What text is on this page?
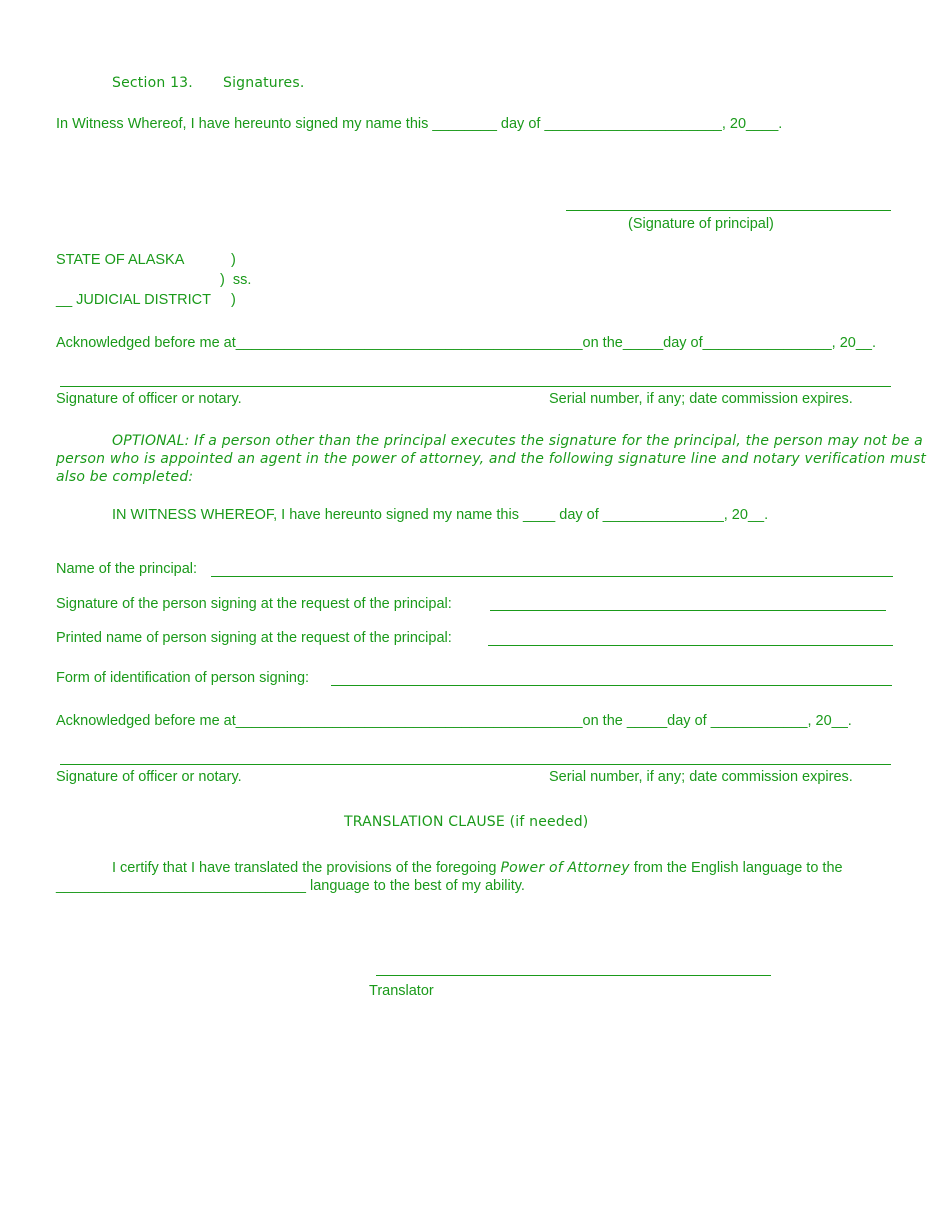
Section 13. Signatures.
In Witness Whereof, I have hereunto signed my name this ________ day of ______________________, 20____.
(Signature of principal)
STATE OF ALASKA	)
)  ss.
__ JUDICIAL DISTRICT )
Acknowledged before me at___________________________________________on the_____day of________________, 20__.
Signature of officer or notary.	Serial number, if any; date commission expires.
OPTIONAL: If a person other than the principal executes the signature for the principal, the person may not be a
person who is appointed an agent in the power of attorney, and the following signature line and notary verification must
also be completed:
IN WITNESS WHEREOF, I have hereunto signed my name this ____ day of _______________, 20__.
Name of the principal:
Signature of the person signing at the request of the principal:
Printed name of person signing at the request of the principal:
Form of identification of person signing:
Acknowledged before me at___________________________________________on the _____day of ____________, 20__.
Signature of officer or notary.	Serial number, if any; date commission expires.
TRANSLATION CLAUSE (if needed)
I certify that I have translated the provisions of the foregoing Power of Attorney from the English language to the
_______________________________ language to the best of my ability.
Translator
